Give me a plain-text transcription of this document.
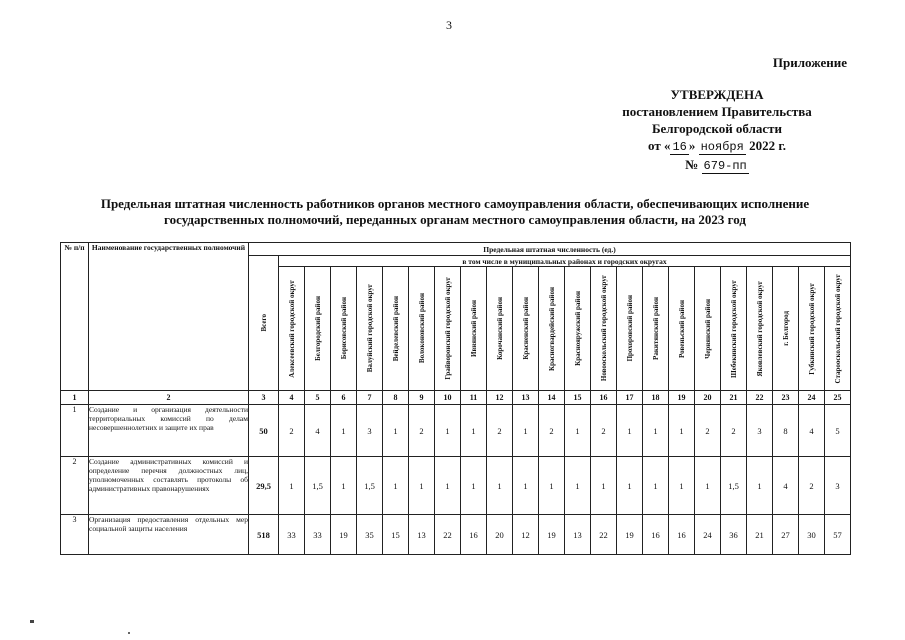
3
Приложение
УТВЕРЖДЕНА
постановлением Правительства
Белгородской области
от « 16 » ноября 2022 г.
№ 679-пп
Предельная штатная численность работников органов местного самоуправления области, обеспечивающих исполнение государственных полномочий, переданных органам местного самоуправления области, на 2023 год
№ п/п	Наименование государственных полномочий	Предельная штатная численность (ед.)																						

		Всего	в том числе в муниципальных районах и городских округах																					

			Алексеевский городской округ	Белгородский район	Борисовский район	Валуйский городской округ	Вейделевский район	Волоконовский район	Грайворонский городской округ	Ивнянский район	Корочанский район	Красненский район	Красногвардейский район	Краснояружский район	Новооскольский городской округ	Прохоровский район	Ракитянский район	Ровеньский район	Чернянский район	Шебекинский городской округ	Яковлевский городской округ	г. Белгород	Губкинский городской округ	Старооскольский городской округ

1	2	3	4	5	6	7	8	9	10	11	12	13	14	15	16	17	18	19	20	21	22	23	24	25
1	Создание и организация деятельности территориальных комиссий по делам несовершеннолетних и защите их прав	50	2	4	1	3	1	2	1	1	2	1	2	1	2	1	1	1	2	2	3	8	4	5
2	Создание административных комиссий и определение перечня должностных лиц, уполномоченных составлять протоколы об административных правонарушениях	29,5	1	1,5	1	1,5	1	1	1	1	1	1	1	1	1	1	1	1	1	1,5	1	4	2	3
3	Организация предоставления отдельных мер социальной защиты населения	518	33	33	19	35	15	13	22	16	20	12	19	13	22	19	16	16	24	36	21	27	30	57
